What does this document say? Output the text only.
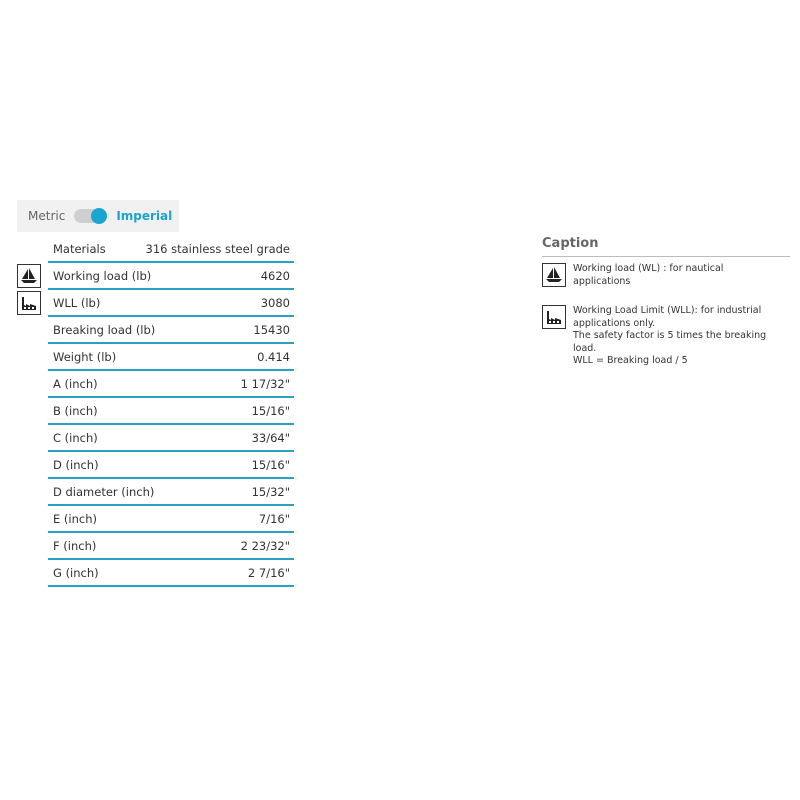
Metric	Imperial
Materials	316 stainless steel grade
Working load (lb)	4620
WLL (lb)	3080
Breaking load (lb)	15430
Weight (lb)	0.414
A (inch)	1 17/32"
B (inch)	15/16"
C (inch)	33/64"
D (inch)	15/16"
D diameter (inch)	15/32"
E (inch)	7/16"
F (inch)	2 23/32"
G (inch)	2 7/16"
Caption
Working load (WL) : for nautical
applications
Working Load Limit (WLL): for industrial
applications only.
The safety factor is 5 times the breaking
load.
WLL = Breaking load / 5
